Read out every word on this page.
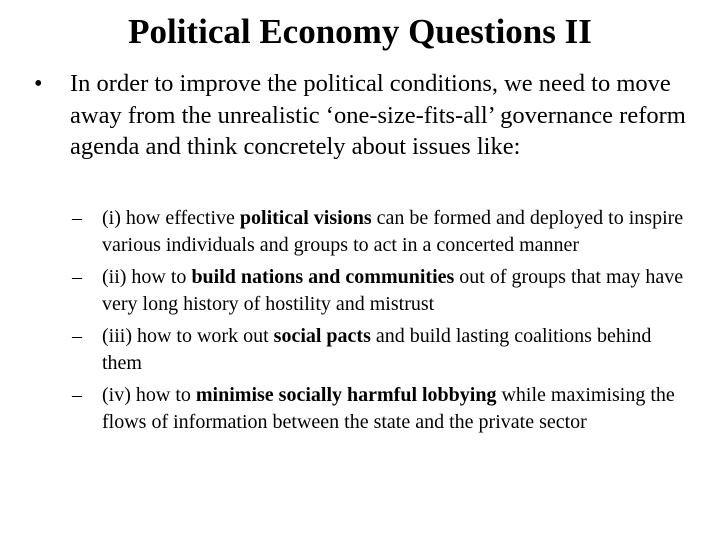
Political Economy Questions II
•	In order to improve the political conditions, we need to move away from the unrealistic ‘one-size-fits-all’ governance reform agenda and think concretely about issues like:
– (i) how effective political visions can be formed and deployed to inspire various individuals and groups to act in a concerted manner
– (ii) how to build nations and communities out of groups that may have very long history of hostility and mistrust
– (iii) how to work out social pacts and build lasting coalitions behind them
– (iv) how to minimise socially harmful lobbying while maximising the flows of information between the state and the private sector
